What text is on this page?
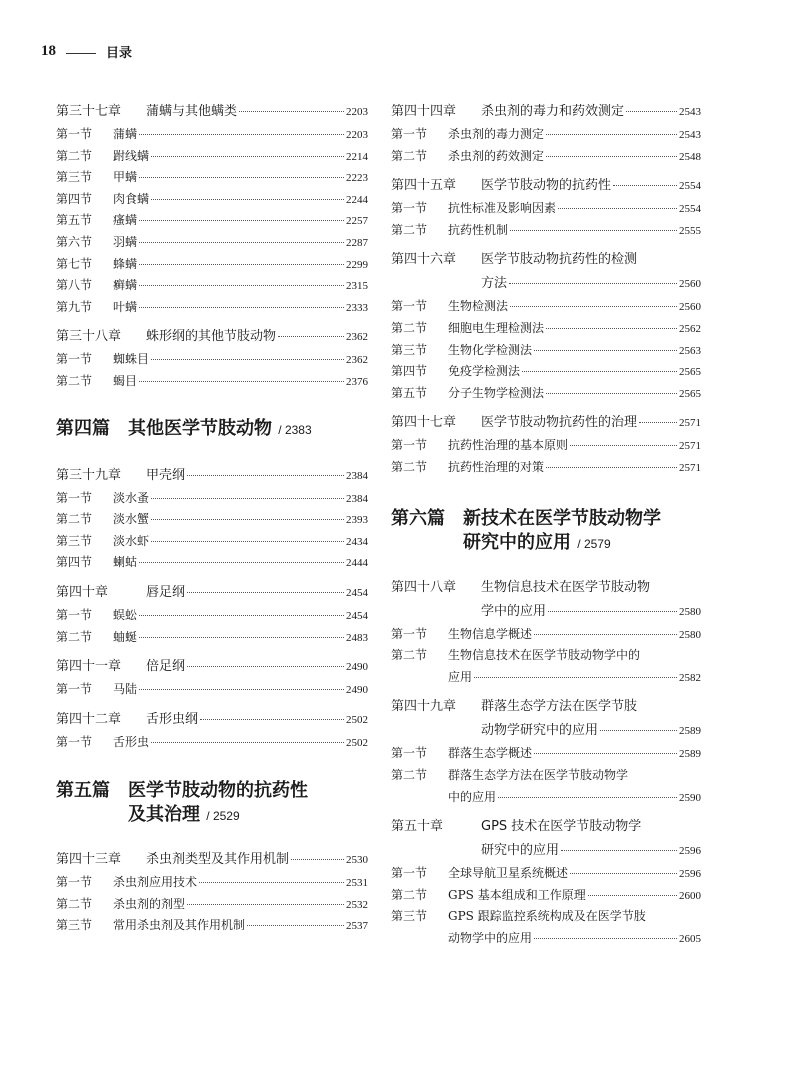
18	目录
第三十七章	蒲螨与其他螨类	2203
第一节	蒲螨	2203
第二节	跗线螨	2214
第三节	甲螨	2223
第四节	肉食螨	2244
第五节	瘙螨	2257
第六节	羽螨	2287
第七节	蜂螨	2299
第八节	癣螨	2315
第九节	叶螨	2333
第三十八章	蛛形纲的其他节肢动物	2362
第一节	蜘蛛目	2362
第二节	蝎目	2376
第四篇 其他医学节肢动物 / 2383
第三十九章	甲壳纲	2384
第一节	淡水蚤	2384
第二节	淡水蟹	2393
第三节	淡水虾	2434
第四节	蝲蛄	2444
第四十章	唇足纲	2454
第一节	蜈蚣	2454
第二节	蚰蜒	2483
第四十一章	倍足纲	2490
第一节	马陆	2490
第四十二章	舌形虫纲	2502
第一节	舌形虫	2502
第五篇 医学节肢动物的抗药性
及其治理 / 2529
第四十三章	杀虫剂类型及其作用机制	2530
第一节	杀虫剂应用技术	2531
第二节	杀虫剂的剂型	2532
第三节	常用杀虫剂及其作用机制	2537
第四十四章	杀虫剂的毒力和药效测定	2543
第一节	杀虫剂的毒力测定	2543
第二节	杀虫剂的药效测定	2548
第四十五章	医学节肢动物的抗药性	2554
第一节	抗性标准及影响因素	2554
第二节	抗药性机制	2555
第四十六章	医学节肢动物抗药性的检测
方法	2560
第一节	生物检测法	2560
第二节	细胞电生理检测法	2562
第三节	生物化学检测法	2563
第四节	免疫学检测法	2565
第五节	分子生物学检测法	2565
第四十七章	医学节肢动物抗药性的治理	2571
第一节	抗药性治理的基本原则	2571
第二节	抗药性治理的对策	2571
第六篇 新技术在医学节肢动物学
研究中的应用 / 2579
第四十八章	生物信息技术在医学节肢动物
学中的应用	2580
第一节	生物信息学概述	2580
第二节	生物信息技术在医学节肢动物学中的
应用	2582
第四十九章	群落生态学方法在医学节肢
动物学研究中的应用	2589
第一节	群落生态学概述	2589
第二节	群落生态学方法在医学节肢动物学
中的应用	2590
第五十章	GPS 技术在医学节肢动物学
研究中的应用	2596
第一节	全球导航卫星系统概述	2596
第二节	GPS 基本组成和工作原理	2600
第三节	GPS 跟踪监控系统构成及在医学节肢
动物学中的应用	2605
